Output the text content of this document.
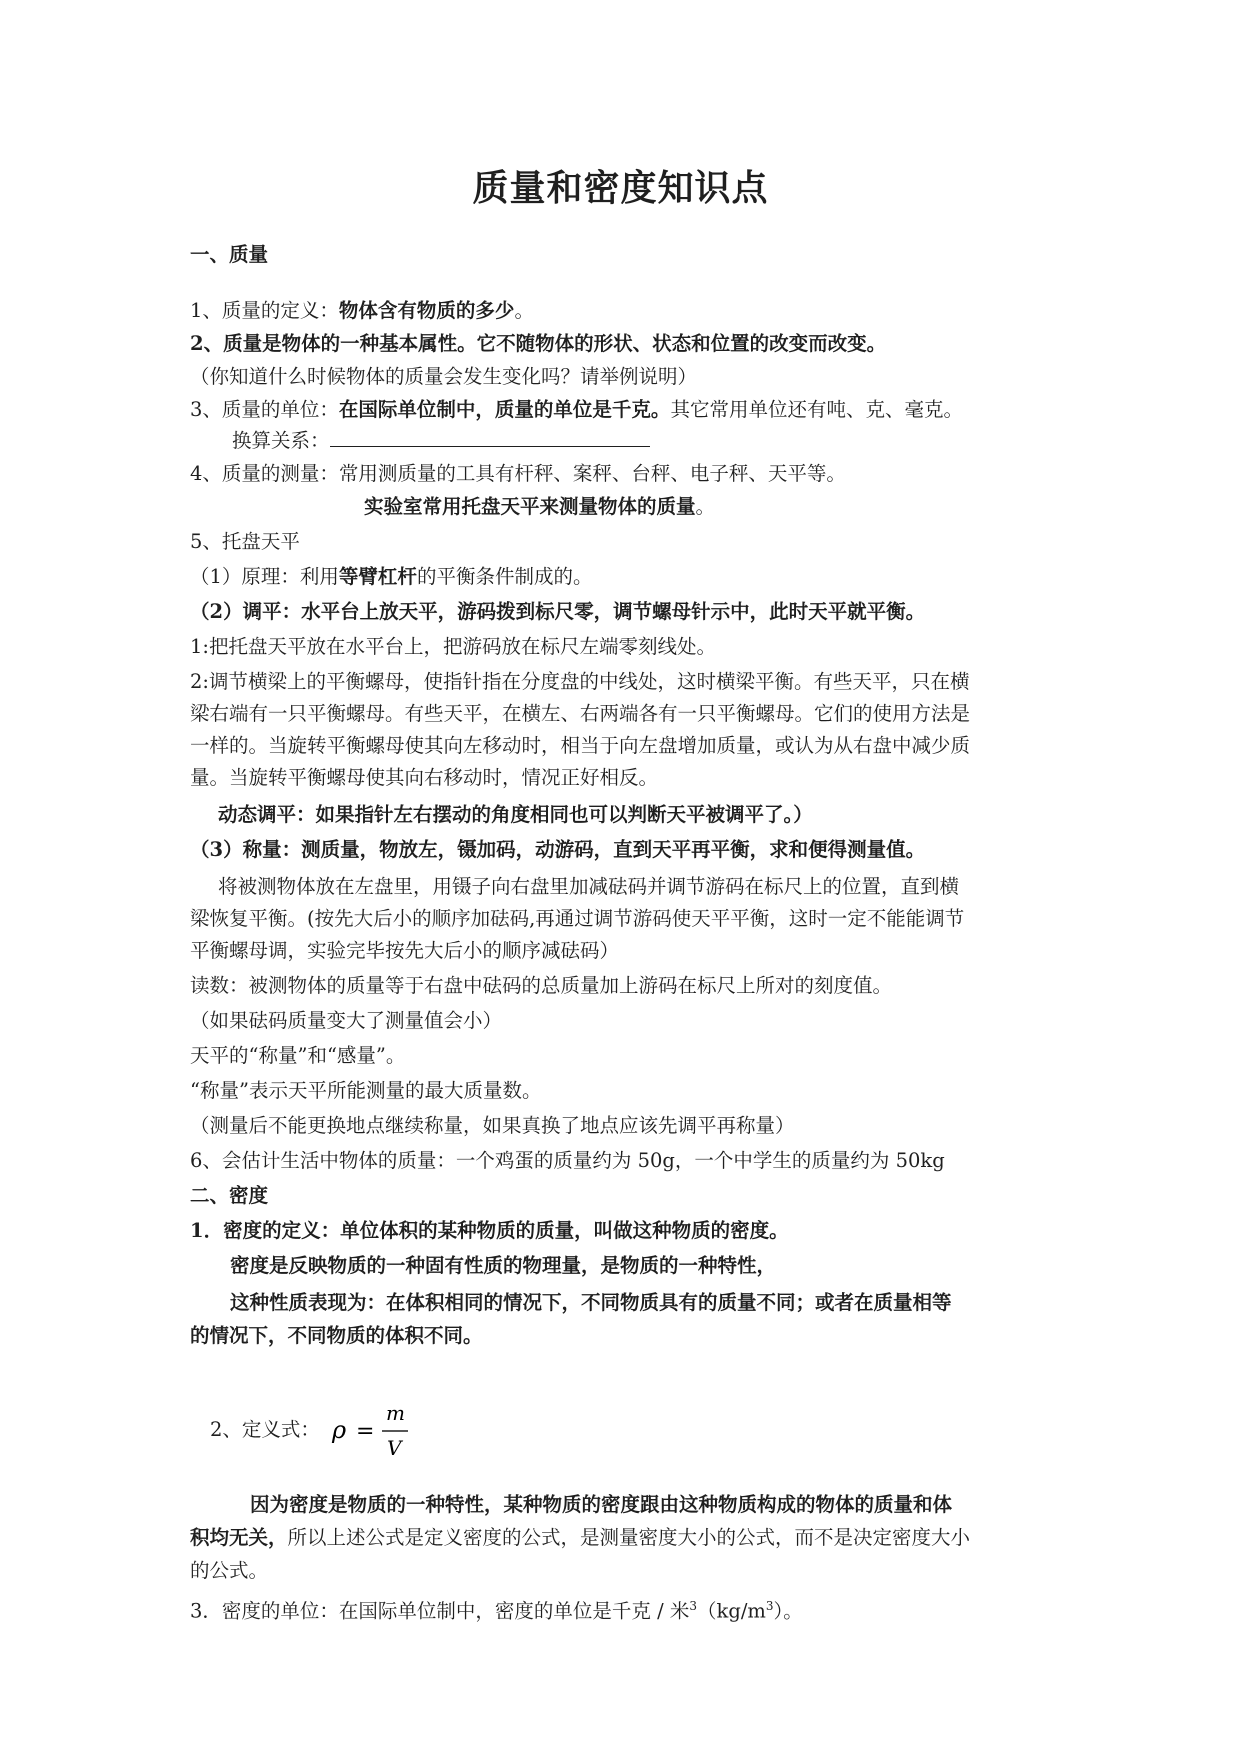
质量和密度知识点
一、质量
1、质量的定义：物体含有物质的多少。
2、质量是物体的一种基本属性。它不随物体的形状、状态和位置的改变而改变。
（你知道什么时候物体的质量会发生变化吗？请举例说明）
3、质量的单位：在国际单位制中，质量的单位是千克。其它常用单位还有吨、克、毫克。
换算关系：
4、质量的测量：常用测质量的工具有杆秤、案秤、台秤、电子秤、天平等。
实验室常用托盘天平来测量物体的质量。
5、托盘天平
（1）原理：利用等臂杠杆的平衡条件制成的。
（2）调平：水平台上放天平，游码拨到标尺零，调节螺母针示中，此时天平就平衡。
1:把托盘天平放在水平台上，把游码放在标尺左端零刻线处。
2:调节横梁上的平衡螺母，使指针指在分度盘的中线处，这时横梁平衡。有些天平，只在横
梁右端有一只平衡螺母。有些天平，在横左、右两端各有一只平衡螺母。它们的使用方法是
一样的。当旋转平衡螺母使其向左移动时，相当于向左盘增加质量，或认为从右盘中减少质
量。当旋转平衡螺母使其向右移动时，情况正好相反。
动态调平：如果指针左右摆动的角度相同也可以判断天平被调平了。）
（3）称量：测质量，物放左，镊加码，动游码，直到天平再平衡，求和便得测量值。
将被测物体放在左盘里，用镊子向右盘里加减砝码并调节游码在标尺上的位置，直到横
梁恢复平衡。(按先大后小的顺序加砝码,再通过调节游码使天平平衡，这时一定不能能调节
平衡螺母调，实验完毕按先大后小的顺序减砝码）
读数：被测物体的质量等于右盘中砝码的总质量加上游码在标尺上所对的刻度值。
（如果砝码质量变大了测量值会小）
天平的“称量”和“感量”。
“称量”表示天平所能测量的最大质量数。
（测量后不能更换地点继续称量，如果真换了地点应该先调平再称量）
6、会估计生活中物体的质量：一个鸡蛋的质量约为 50g，一个中学生的质量约为 50kg
二、密度
1．密度的定义：单位体积的某种物质的质量，叫做这种物质的密度。
密度是反映物质的一种固有性质的物理量，是物质的一种特性，
这种性质表现为：在体积相同的情况下，不同物质具有的质量不同；或者在质量相等
的情况下，不同物质的体积不同。
2、定义式： ρ =
m
V
因为密度是物质的一种特性，某种物质的密度跟由这种物质构成的物体的质量和体
积均无关，所以上述公式是定义密度的公式，是测量密度大小的公式，而不是决定密度大小
的公式。
3．密度的单位：在国际单位制中，密度的单位是千克 / 米$^3(kg/m^3)$。
